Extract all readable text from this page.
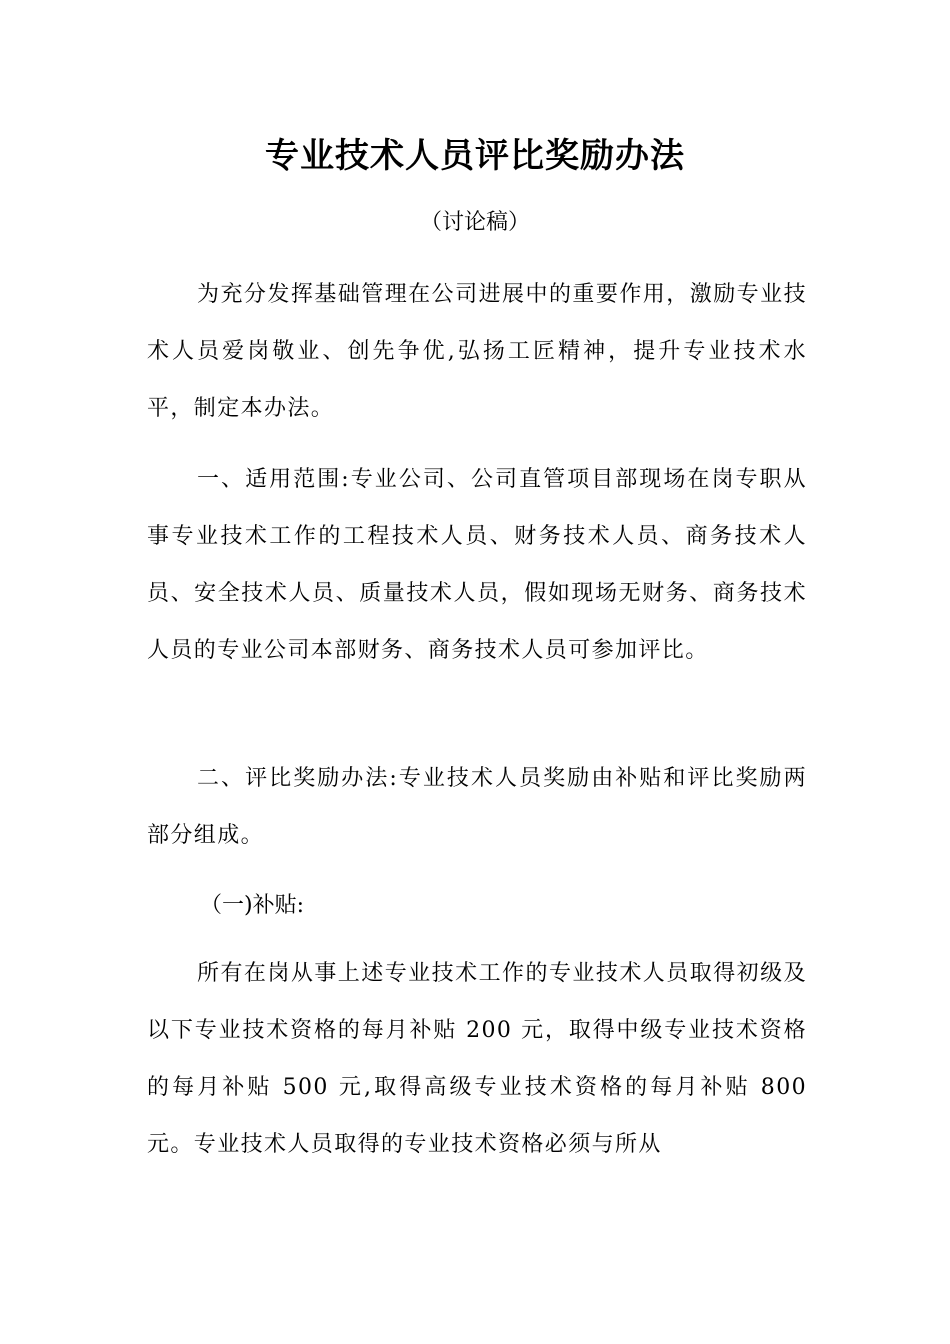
专业技术人员评比奖励办法

（讨论稿）

为充分发挥基础管理在公司进展中的重要作用，激励专业技术人员爱岗敬业、创先争优,弘扬工匠精神，提升专业技术水平，制定本办法。

一、适用范围:专业公司、公司直管项目部现场在岗专职从事专业技术工作的工程技术人员、财务技术人员、商务技术人员、安全技术人员、质量技术人员，假如现场无财务、商务技术人员的专业公司本部财务、商务技术人员可参加评比。

二、评比奖励办法:专业技术人员奖励由补贴和评比奖励两部分组成。

（一)补贴:

所有在岗从事上述专业技术工作的专业技术人员取得初级及以下专业技术资格的每月补贴 200 元，取得中级专业技术资格的每月补贴 500 元,取得高级专业技术资格的每月补贴 800 元。专业技术人员取得的专业技术资格必须与所从
